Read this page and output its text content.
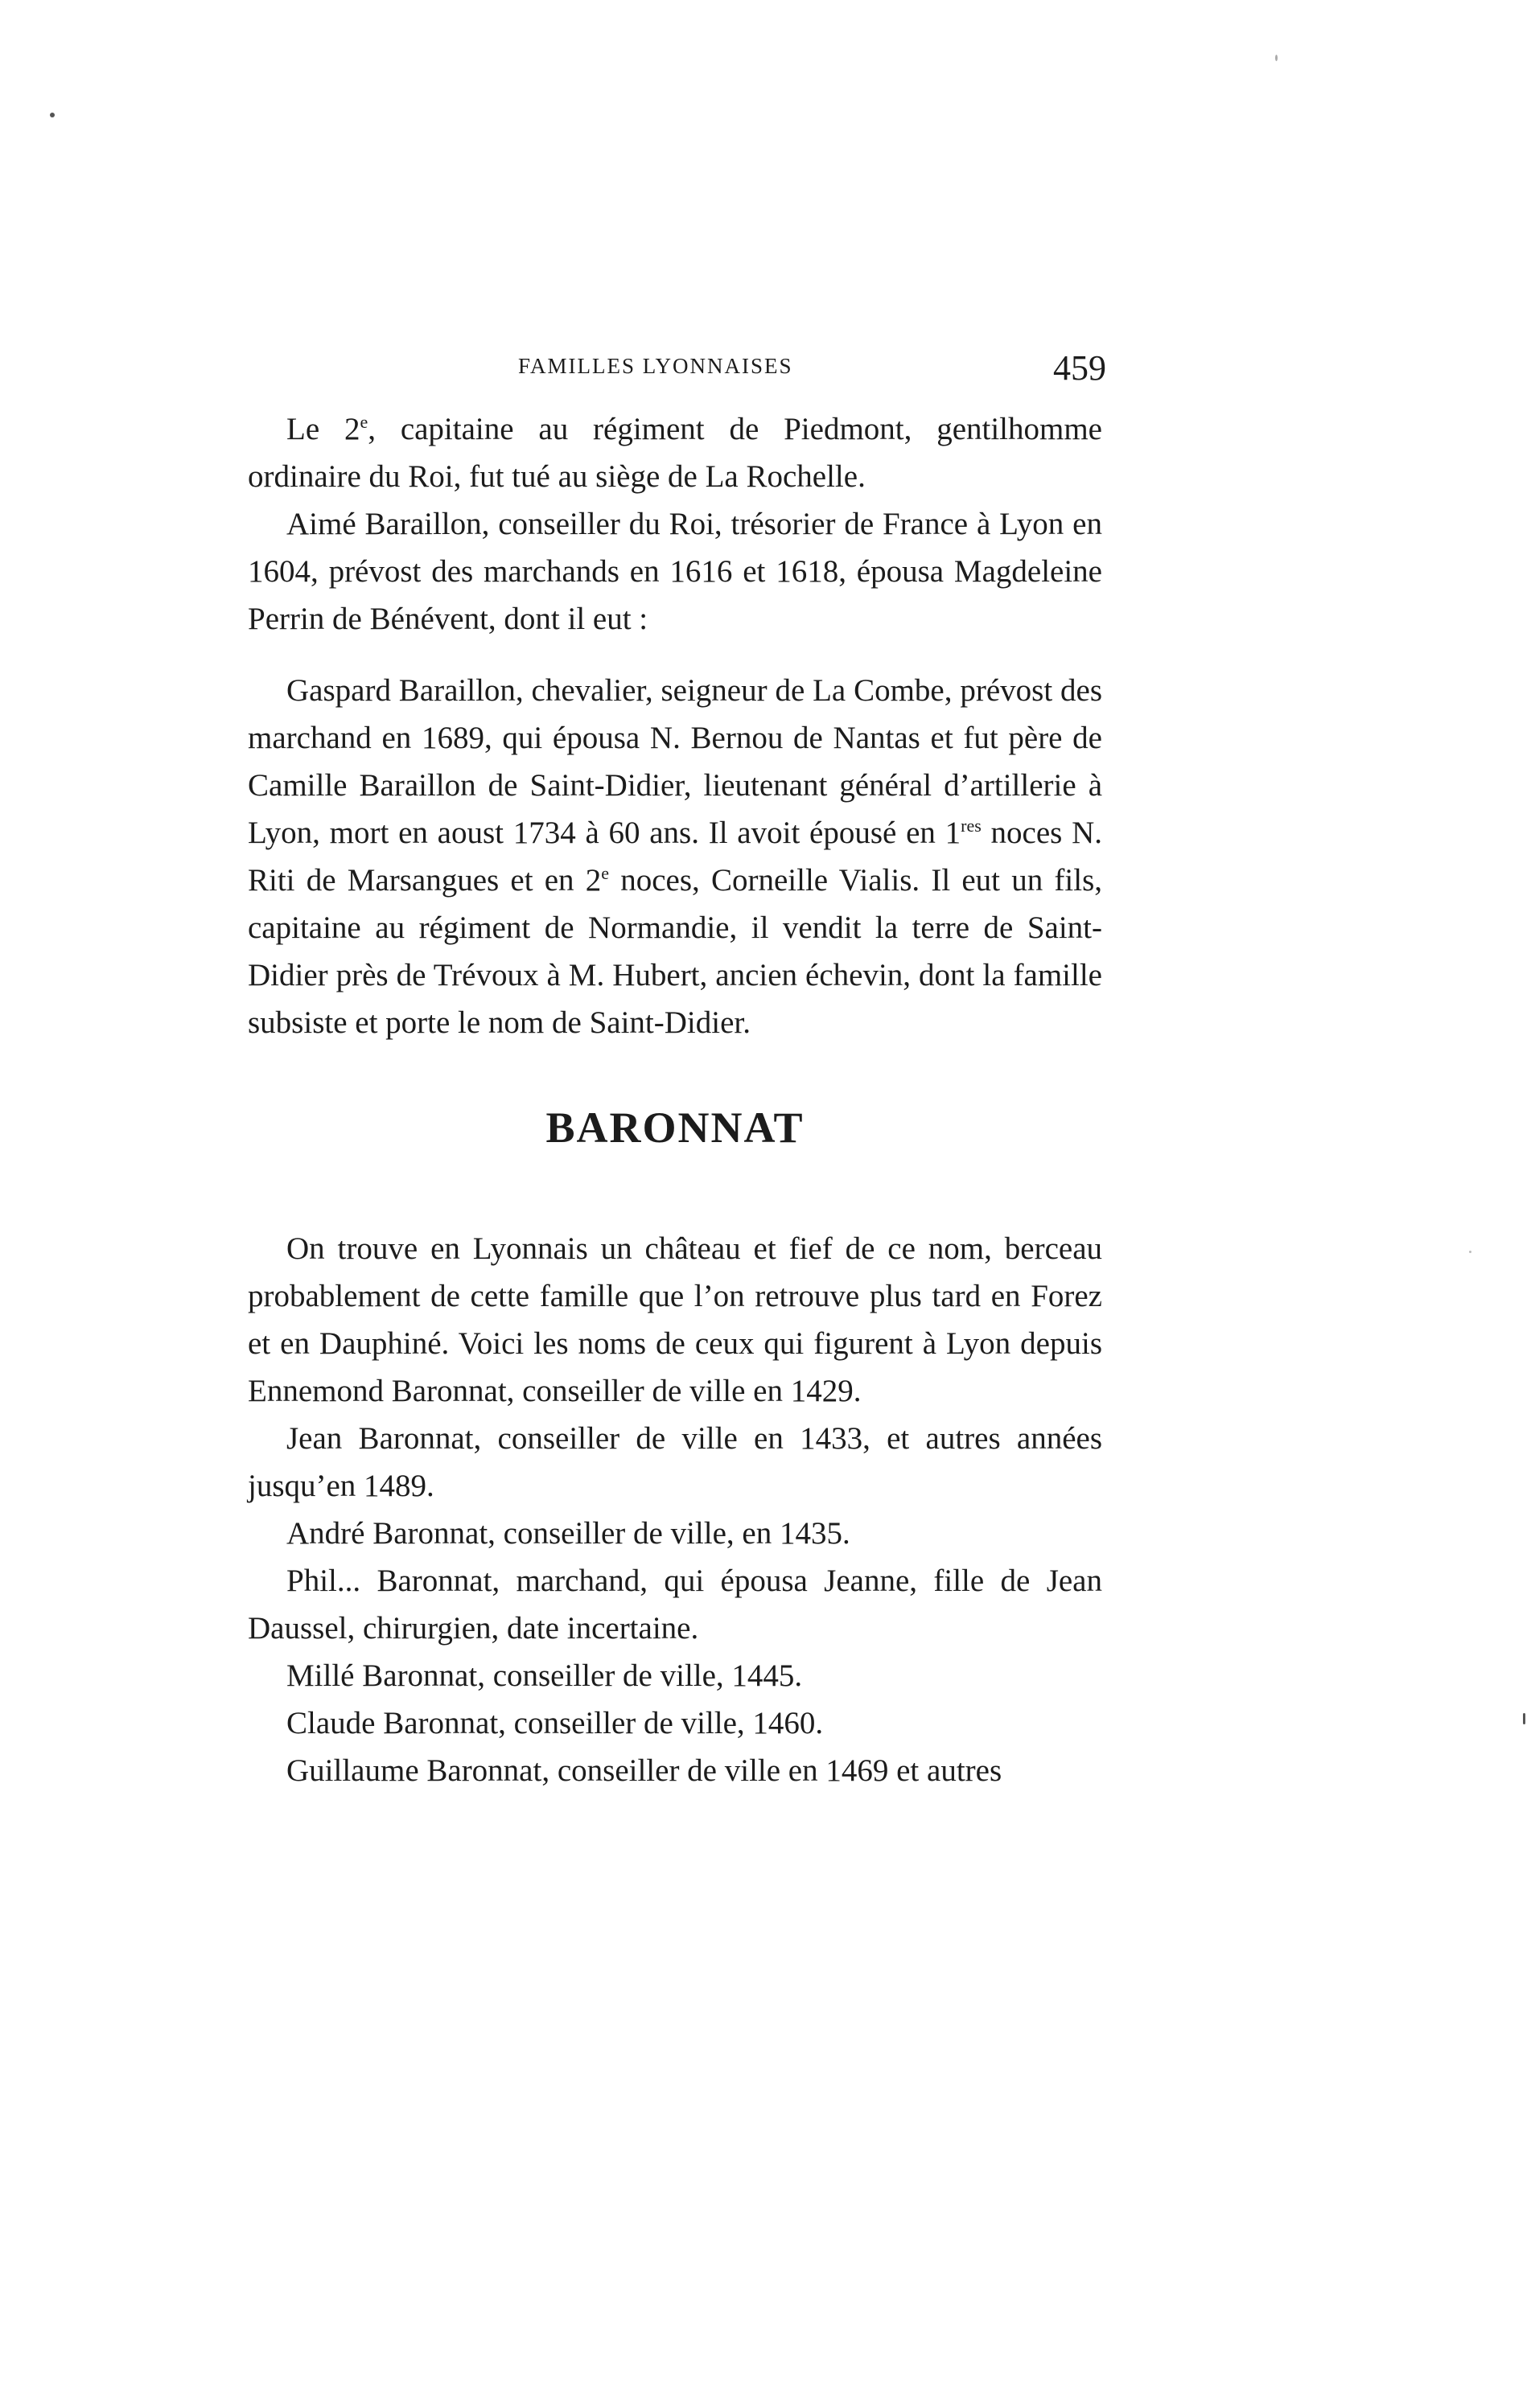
FAMILLES LYONNAISES	459

Le 2e, capitaine au régiment de Piedmont, gentilhomme ordinaire du Roi, fut tué au siège de La Rochelle.

Aimé Baraillon, conseiller du Roi, trésorier de France à Lyon en 1604, prévost des marchands en 1616 et 1618, épousa Magdeleine Perrin de Bénévent, dont il eut :

Gaspard Baraillon, chevalier, seigneur de La Combe, prévost des marchand en 1689, qui épousa N. Bernou de Nantas et fut père de Camille Baraillon de Saint-Didier, lieutenant général d’artillerie à Lyon, mort en aoust 1734 à 60 ans. Il avoit épousé en 1res noces N. Riti de Marsangues et en 2e noces, Corneille Vialis. Il eut un fils, capitaine au régiment de Normandie, il vendit la terre de Saint-Didier près de Trévoux à M. Hubert, ancien échevin, dont la famille subsiste et porte le nom de Saint-Didier.

BARONNAT

On trouve en Lyonnais un château et fief de ce nom, berceau probablement de cette famille que l’on retrouve plus tard en Forez et en Dauphiné. Voici les noms de ceux qui figurent à Lyon depuis Ennemond Baronnat, conseiller de ville en 1429.

Jean Baronnat, conseiller de ville en 1433, et autres années jusqu’en 1489.

André Baronnat, conseiller de ville, en 1435.

Phil... Baronnat, marchand, qui épousa Jeanne, fille de Jean Daussel, chirurgien, date incertaine.

Millé Baronnat, conseiller de ville, 1445.

Claude Baronnat, conseiller de ville, 1460.

Guillaume Baronnat, conseiller de ville en 1469 et autres
